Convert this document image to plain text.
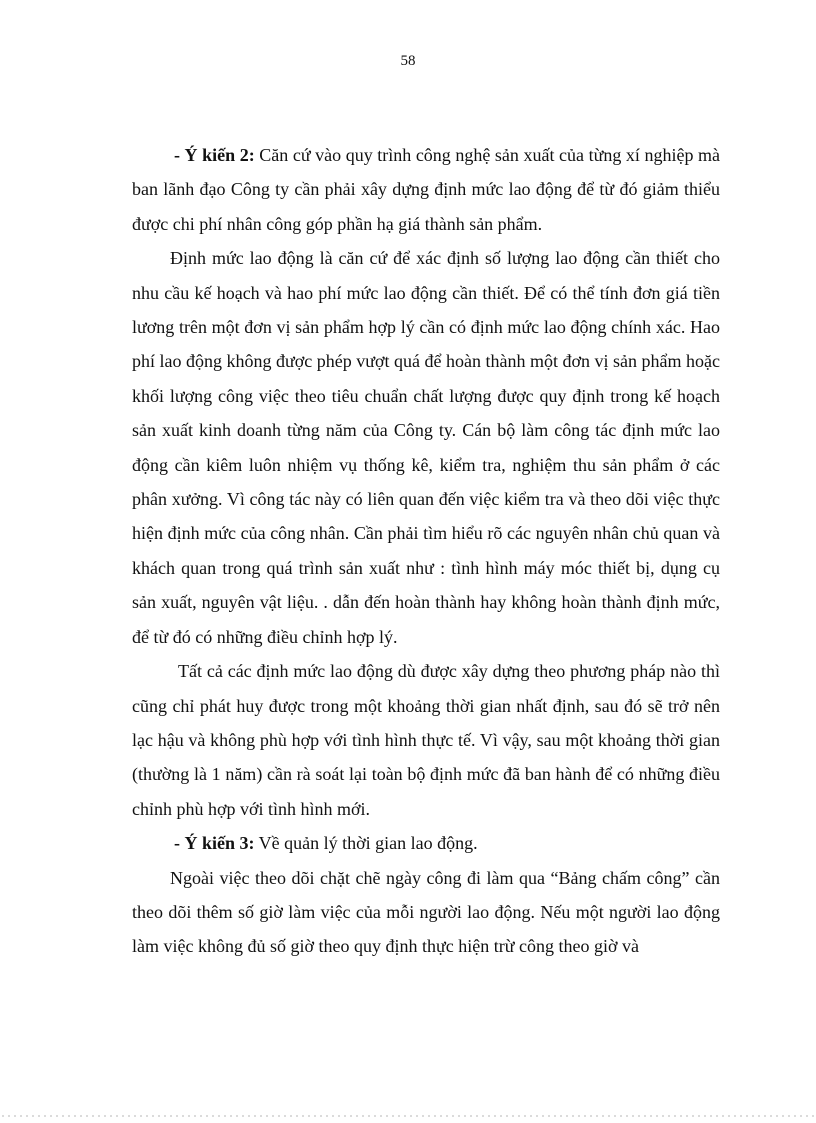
58

- Ý kiến 2: Căn cứ vào quy trình công nghệ sản xuất của từng xí nghiệp mà ban lãnh đạo Công ty cần phải xây dựng định mức lao động để từ đó giảm thiểu được chi phí nhân công góp phần hạ giá thành sản phẩm.

Định mức lao động là căn cứ để xác định số lượng lao động cần thiết cho nhu cầu kế hoạch và hao phí mức lao động cần thiết. Để có thể tính đơn giá tiền lương trên một đơn vị sản phẩm hợp lý cần có định mức lao động chính xác. Hao phí lao động không được phép vượt quá để hoàn thành một đơn vị sản phẩm hoặc khối lượng công việc theo tiêu chuẩn chất lượng được quy định trong kế hoạch sản xuất kinh doanh từng năm của Công ty. Cán bộ làm công tác định mức lao động cần kiêm luôn nhiệm vụ thống kê, kiểm tra, nghiệm thu sản phẩm ở các phân xưởng. Vì công tác này có liên quan đến việc kiểm tra và theo dõi việc thực hiện định mức của công nhân. Cần phải tìm hiểu rõ các nguyên nhân chủ quan và khách quan trong quá trình sản xuất như : tình hình máy móc thiết bị, dụng cụ sản xuất, nguyên vật liệu. . dẫn đến hoàn thành hay không hoàn thành định mức, để từ đó có những điều chỉnh hợp lý.

Tất cả các định mức lao động dù được xây dựng theo phương pháp nào thì cũng chỉ phát huy được trong một khoảng thời gian nhất định, sau đó sẽ trở nên lạc hậu và không phù hợp với tình hình thực tế. Vì vậy, sau một khoảng thời gian (thường là 1 năm) cần rà soát lại toàn bộ định mức đã ban hành để có những điều chỉnh phù hợp với tình hình mới.

- Ý kiến 3: Về quản lý thời gian lao động.

Ngoài việc theo dõi chặt chẽ ngày công đi làm qua “Bảng chấm công” cần theo dõi thêm số giờ làm việc của mỗi người lao động. Nếu một người lao động làm việc không đủ số giờ theo quy định thực hiện trừ công theo giờ và
